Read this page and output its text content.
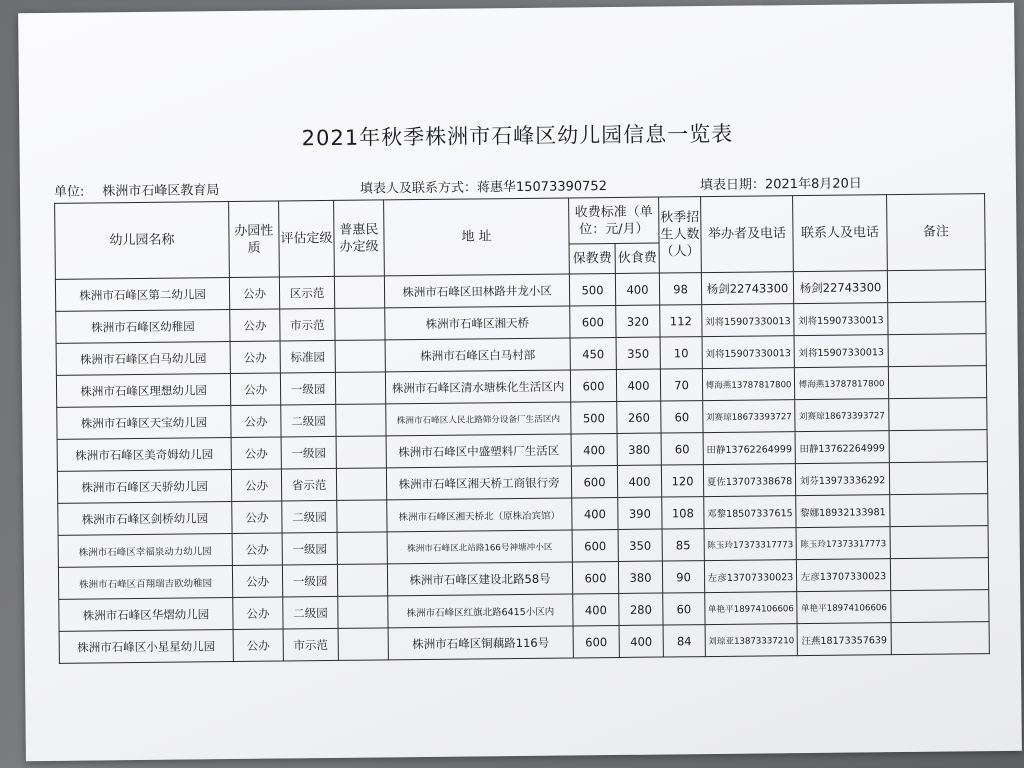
2021年秋季株洲市石峰区幼儿园信息一览表
单位: 株洲市石峰区教育局	填表人及联系方式：蒋惠华15073390752	填表日期：2021年8月20日
幼儿园名称	办园性质	评估定级	普惠民办定级	地 址	收费标准（单位：元/月）		秋季招生人数（人）	举办者及电话	联系人及电话	备注
					保教费	伙食费				
株洲市石峰区第二幼儿园	公办	区示范		株洲市石峰区田林路井龙小区	500	400	98	杨剑22743300	杨剑22743300	
株洲市石峰区幼稚园	公办	市示范		株洲市石峰区湘天桥	600	320	112	刘将15907330013	刘将15907330013	
株洲市石峰区白马幼儿园	公办	标准园		株洲市石峰区白马村部	450	350	10	刘将15907330013	刘将15907330013	
株洲市石峰区理想幼儿园	公办	一级园		株洲市石峰区清水塘株化生活区内	600	400	70	傅海燕13787817800	傅海燕13787817800	
株洲市石峰区天宝幼儿园	公办	二级园		株洲市石峰区人民北路筛分设备厂生活区内	500	260	60	刘赛琼18673393727	刘赛琼18673393727	
株洲市石峰区美奇姆幼儿园	公办	一级园		株洲市石峰区中盛塑料厂生活区	400	380	60	田静13762264999	田静13762264999	
株洲市石峰区天骄幼儿园	公办	省示范		株洲市石峰区湘天桥工商银行旁	600	400	120	夏佐13707338678	刘芬13973336292	
株洲市石峰区剑桥幼儿园	公办	二级园		株洲市石峰区湘天桥北（原株冶宾馆）	400	390	108	邓黎18507337615	黎娜18932133981	
株洲市石峰区幸福泉动力幼儿园	公办	一级园		株洲市石峰区北站路166号神塘冲小区	600	350	85	陈玉玲17373317773	陈玉玲17373317773	
株洲市石峰区百翔瑞吉欧幼稚园	公办	一级园		株洲市石峰区建设北路58号	600	380	90	左彦13707330023	左彦13707330023	
株洲市石峰区华熠幼儿园	公办	二级园		株洲市石峰区红旗北路6415小区内	400	280	60	单艳平18974106606	单艳平18974106606	
株洲市石峰区小星星幼儿园	公办	市示范		株洲市石峰区铜藕路116号	600	400	84	刘琼亚13873337210	汪燕18173357639	
